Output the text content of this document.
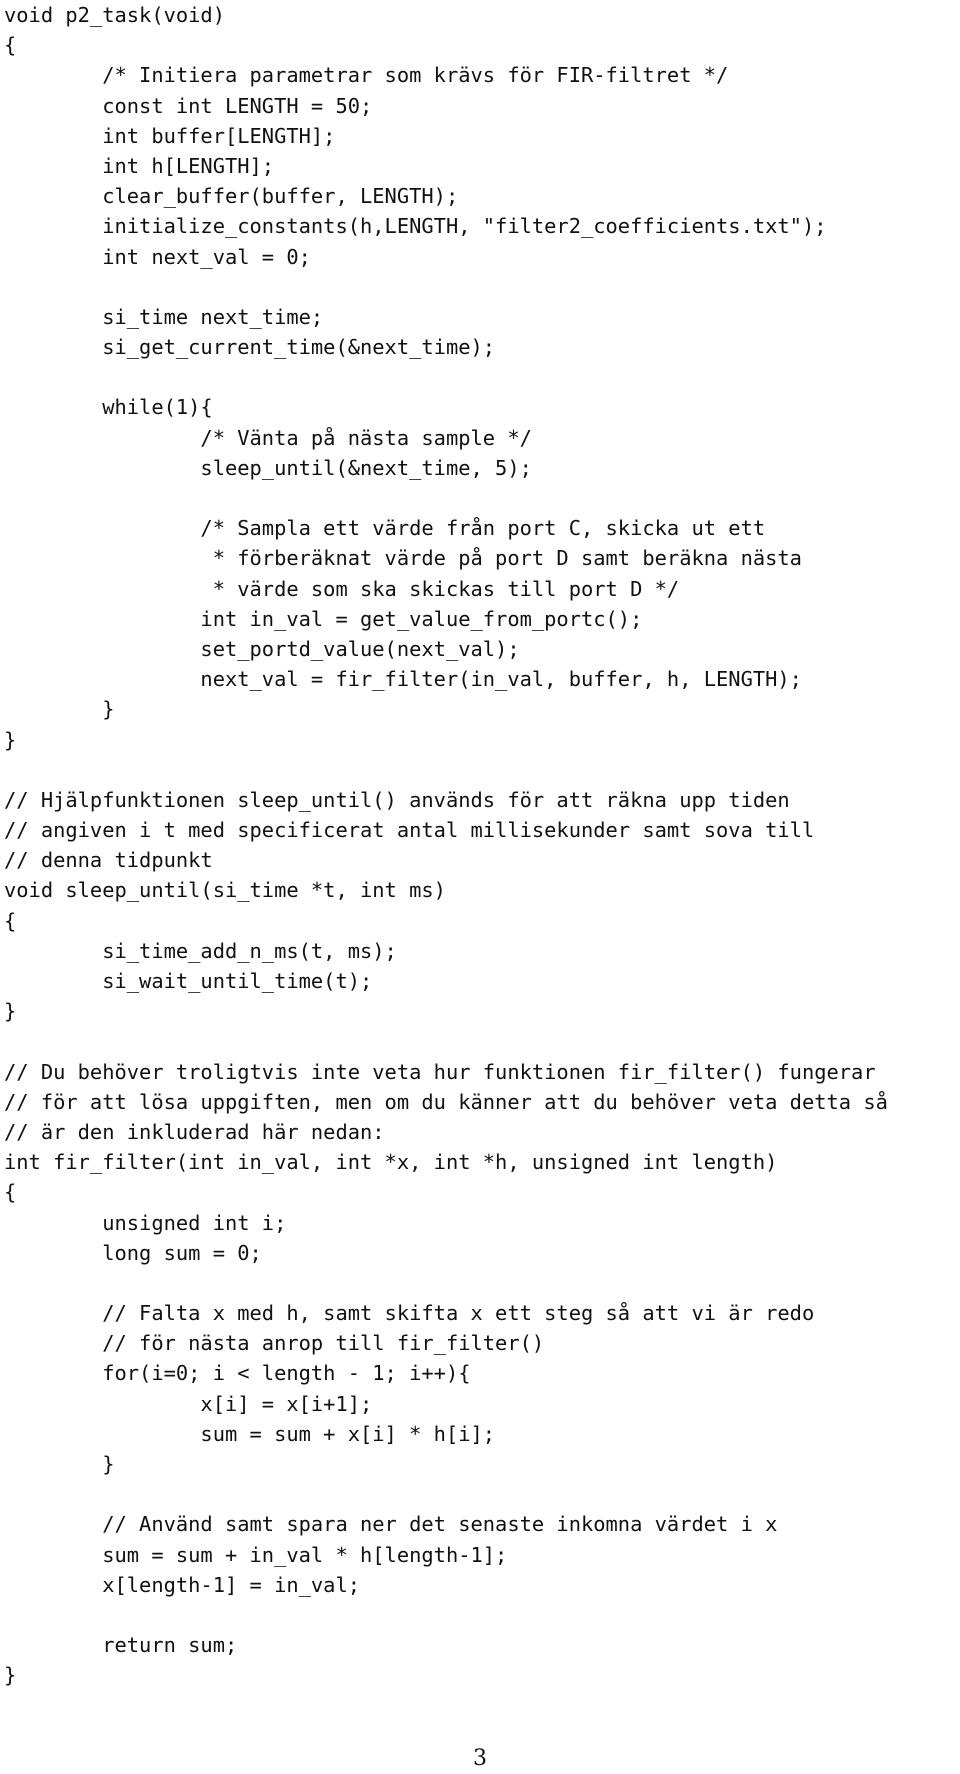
void p2_task(void)
{
/* Initiera parametrar som krävs för FIR-filtret */
const int LENGTH = 50;
int buffer[LENGTH];
int h[LENGTH];
clear_buffer(buffer, LENGTH);
initialize_constants(h,LENGTH, "filter2_coefficients.txt");
int next_val = 0;
si_time next_time;
si_get_current_time(&next_time);
while(1){
/* Vänta på nästa sample */
sleep_until(&next_time, 5);
/* Sampla ett värde från port C, skicka ut ett
* förberäknat värde på port D samt beräkna nästa
* värde som ska skickas till port D */
int in_val = get_value_from_portc();
set_portd_value(next_val);
next_val = fir_filter(in_val, buffer, h, LENGTH);
}
}
// Hjälpfunktionen sleep_until() används för att räkna upp tiden
// angiven i t med specificerat antal millisekunder samt sova till
// denna tidpunkt
void sleep_until(si_time *t, int ms)
{
si_time_add_n_ms(t, ms);
si_wait_until_time(t);
}
// Du behöver troligtvis inte veta hur funktionen fir_filter() fungerar
// för att lösa uppgiften, men om du känner att du behöver veta detta så
// är den inkluderad här nedan:
int fir_filter(int in_val, int *x, int *h, unsigned int length)
{
unsigned int i;
long sum = 0;
// Falta x med h, samt skifta x ett steg så att vi är redo
// för nästa anrop till fir_filter()
for(i=0; i < length - 1; i++){
x[i] = x[i+1];
sum = sum + x[i] * h[i];
}
// Använd samt spara ner det senaste inkomna värdet i x
sum = sum + in_val * h[length-1];
x[length-1] = in_val;
return sum;
}
3
